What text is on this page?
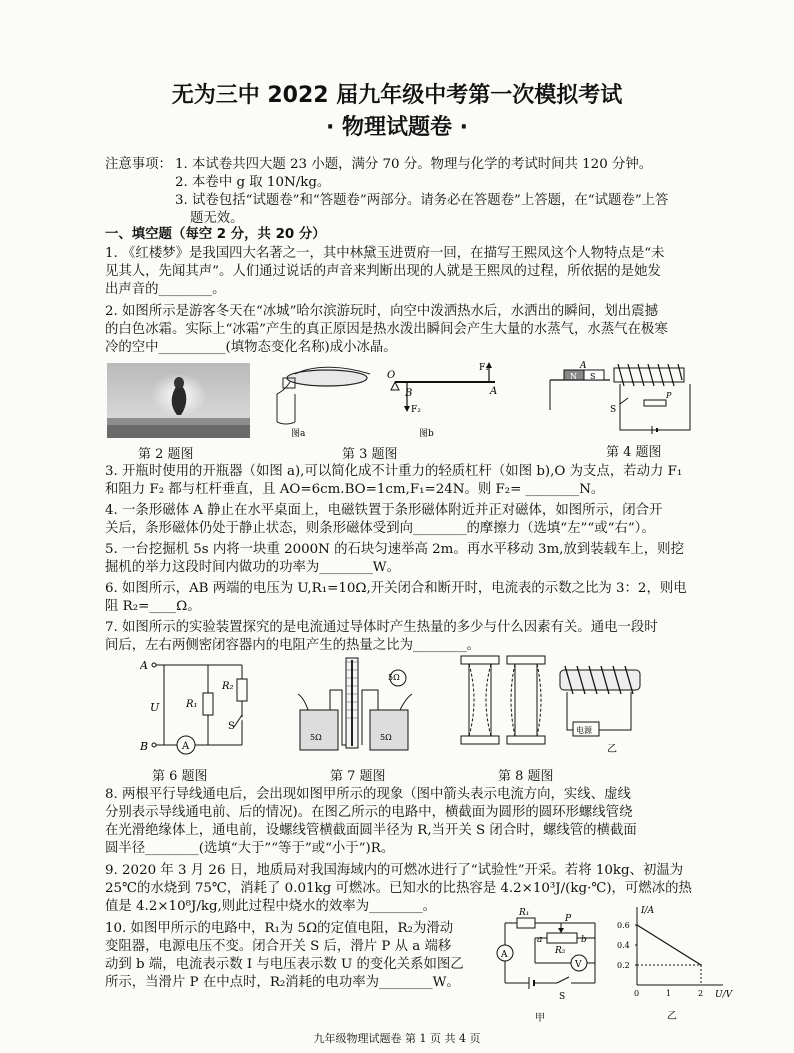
无为三中 2022 届九年级中考第一次模拟考试
· 物理试题卷 ·
注意事项： 1. 本试卷共四大题 23 小题，满分 70 分。物理与化学的考试时间共 120 分钟。
2. 本卷中 g 取 10N/kg。
3. 试卷包括“试题卷”和“答题卷”两部分。请务必在答题卷”上答题，在“试题卷”上答
题无效。
一、填空题（每空 2 分，共 20 分）
1. 《红楼梦》是我国四大名著之一，其中林黛玉进贾府一回，在描写王熙凤这个人物特点是“未
见其人，先闻其声”。人们通过说话的声音来判断出现的人就是王熙凤的过程，所依据的是她发
出声音的________。
2. 如图所示是游客冬天在“冰城”哈尔滨游玩时，向空中泼洒热水后，水洒出的瞬间，划出震撼
的白色冰霜。实际上“冰霜”产生的真正原因是热水泼出瞬间会产生大量的水蒸气，水蒸气在极寒
冷的空中__________(填物态变化名称)成小冰晶。
第 2 题图
图a
O
B	A
F₁
F₂
图b
第 3 题图
N S
A
S
P
第 4 题图
3. 开瓶时使用的开瓶器（如图 a),可以简化成不计重力的轻质杠杆（如图 b),O 为支点，若动力 F₁
和阻力 F₂ 都与杠杆垂直，且 AO=6cm.BO=1cm,F₁=24N。则 F₂= ________N。
4. 一条形磁体 A 静止在水平桌面上，电磁铁置于条形磁体附近并正对磁体，如图所示，闭合开
关后，条形磁体仍处于静止状态，则条形磁体受到向________的摩擦力（选填“左”“或“右”）。
5. 一台挖掘机 5s 内将一块重 2000N 的石块匀速举高 2m。再水平移动 3m,放到装载车上，则挖
掘机的举力这段时间内做功的功率为________W。
6. 如图所示，AB 两端的电压为 U,R₁=10Ω,开关闭合和断开时，电流表的示数之比为 3：2，则电
阻 R₂=____Ω。
7. 如图所示的实验装置探究的是电流通过导体时产生热量的多少与什么因素有关。通电一段时
间后，左右两侧密闭容器内的电阻产生的热量之比为________。
A
U	R₁
R₂
S
A
B
第 6 题图
5Ω
5Ω	5Ω
第 7 题图
电源
乙
第 8 题图
8. 两根平行导线通电后，会出现如图甲所示的现象（图中箭头表示电流方向，实线、虚线
分别表示导线通电前、后的情况)。在图乙所示的电路中，横截面为圆形的圆环形螺线管绕
在光滑绝缘体上，通电前，设螺线管横截面圆半径为 R,当开关 S 闭合时，螺线管的横截面
圆半径________(选填“大于”“等于”或“小于”)R。
9. 2020 年 3 月 26 日，地质局对我国海域内的可燃冰进行了“试验性”开采。若将 10kg、初温为
25℃的水烧到 75℃，消耗了 0.01kg 可燃冰。已知水的比热容是 4.2×10³J/(kg·℃)，可燃冰的热
值是 4.2×10⁸J/kg,则此过程中烧水的效率为________。
10. 如图甲所示的电路中，R₁为 5Ω的定值电阻，R₂为滑动
变阻器，电源电压不变。闭合开关 S 后，滑片 P 从 a 端移
动到 b 端，电流表示数 I 与电压表示数 U 的变化关系如图乙
所示，当滑片 P 在中点时，R₂消耗的电功率为________W。
R₁
P
a	b
R₂
A
V
S
甲
I/A
U/V
乙
0.2
0.4
0.6
0	1	2
九年级物理试题卷 第 1 页 共 4 页
